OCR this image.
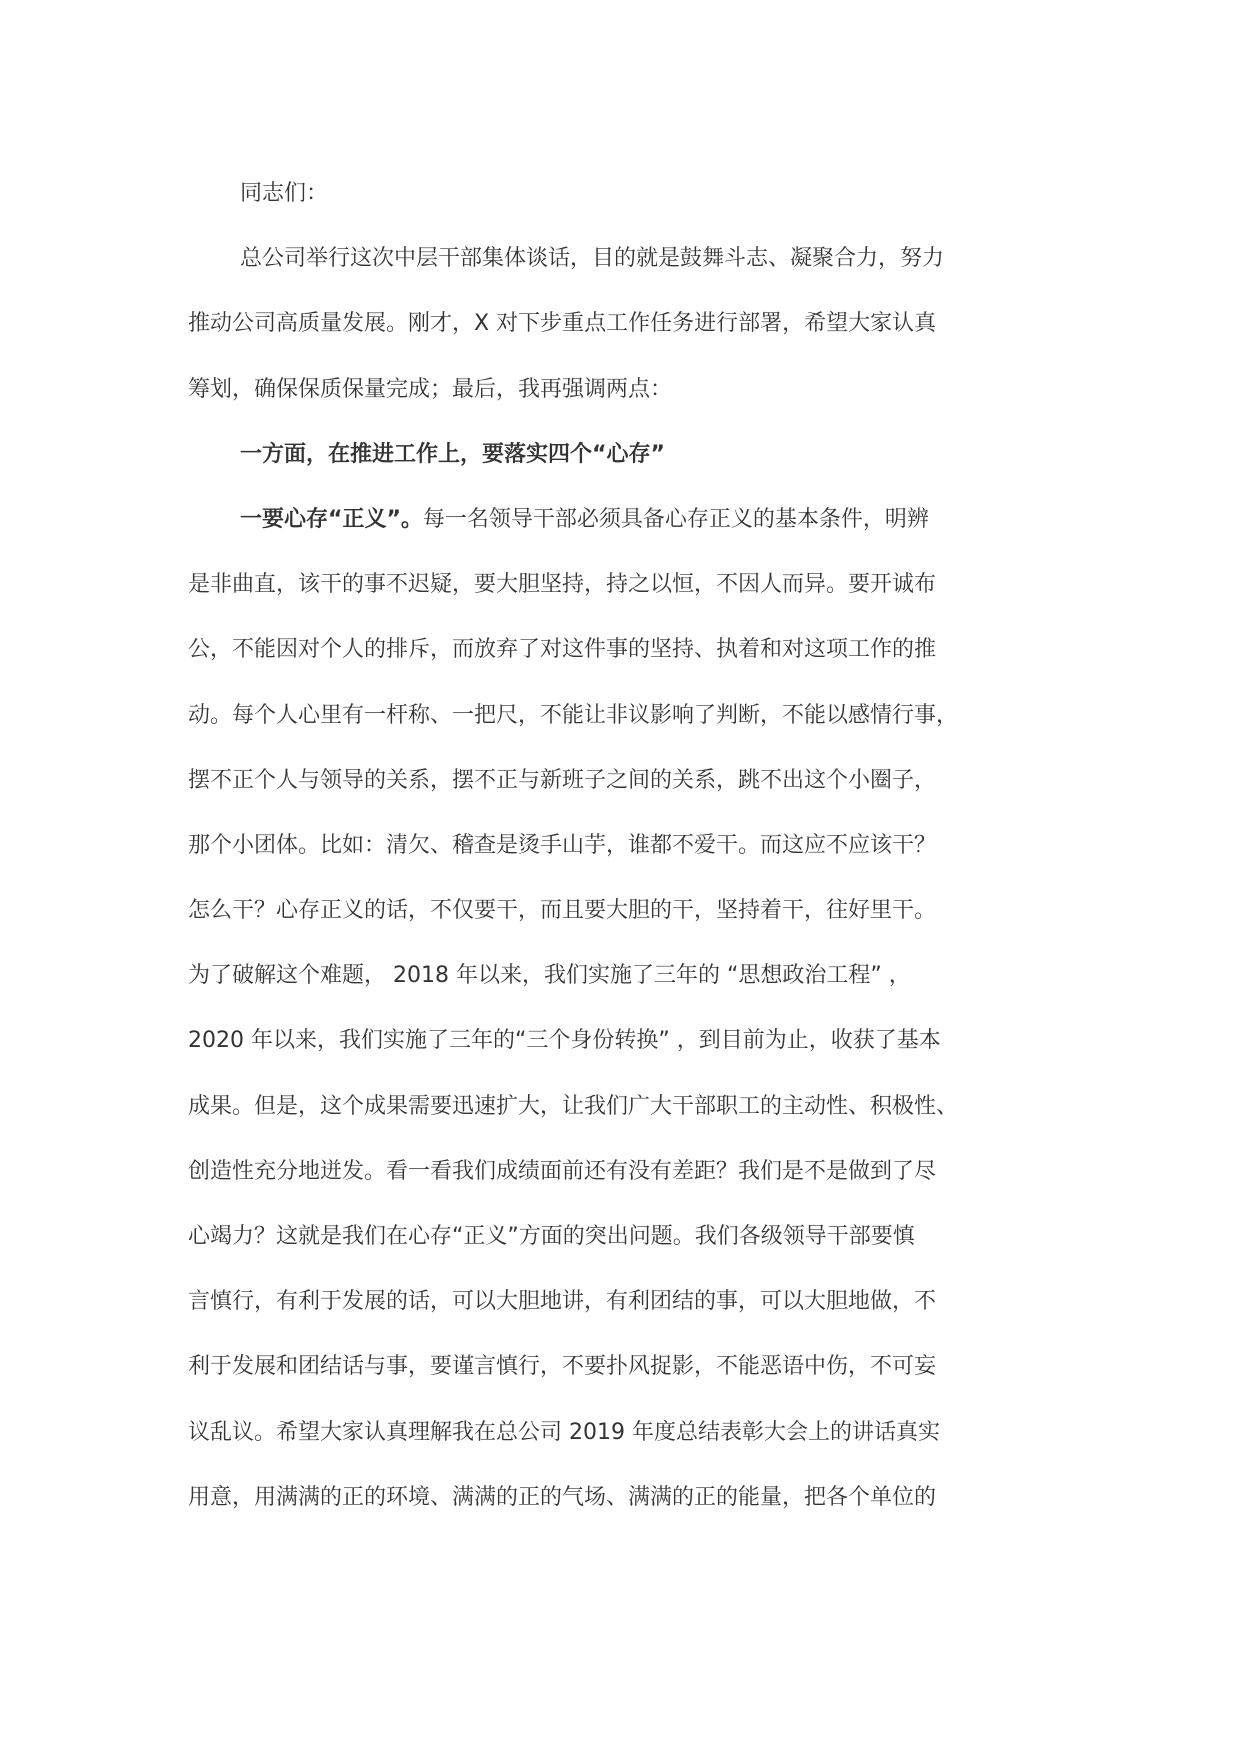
同志们：
总公司举行这次中层干部集体谈话，目的就是鼓舞斗志、凝聚合力，努力
推动公司高质量发展。刚才，X 对下步重点工作任务进行部署，希望大家认真
筹划，确保保质保量完成；最后，我再强调两点：
一方面，在推进工作上，要落实四个“心存”
一要心存“正义”。每一名领导干部必须具备心存正义的基本条件，明辨
是非曲直，该干的事不迟疑，要大胆坚持，持之以恒，不因人而异。要开诚布
公，不能因对个人的排斥，而放弃了对这件事的坚持、执着和对这项工作的推
动。每个人心里有一杆称、一把尺，不能让非议影响了判断，不能以感情行事，
摆不正个人与领导的关系，摆不正与新班子之间的关系，跳不出这个小圈子，
那个小团体。比如：清欠、稽查是烫手山芋，谁都不爱干。而这应不应该干？
怎么干？心存正义的话，不仅要干，而且要大胆的干，坚持着干，往好里干。
为了破解这个难题， 2018 年以来，我们实施了三年的 “思想政治工程” ，
2020 年以来，我们实施了三年的“三个身份转换” ，到目前为止，收获了基本
成果。但是，这个成果需要迅速扩大，让我们广大干部职工的主动性、积极性、
创造性充分地迸发。看一看我们成绩面前还有没有差距？我们是不是做到了尽
心竭力？这就是我们在心存“正义”方面的突出问题。我们各级领导干部要慎
言慎行，有利于发展的话，可以大胆地讲，有利团结的事，可以大胆地做，不
利于发展和团结话与事，要谨言慎行，不要扑风捉影，不能恶语中伤，不可妄
议乱议。希望大家认真理解我在总公司 2019 年度总结表彰大会上的讲话真实
用意，用满满的正的环境、满满的正的气场、满满的正的能量，把各个单位的
